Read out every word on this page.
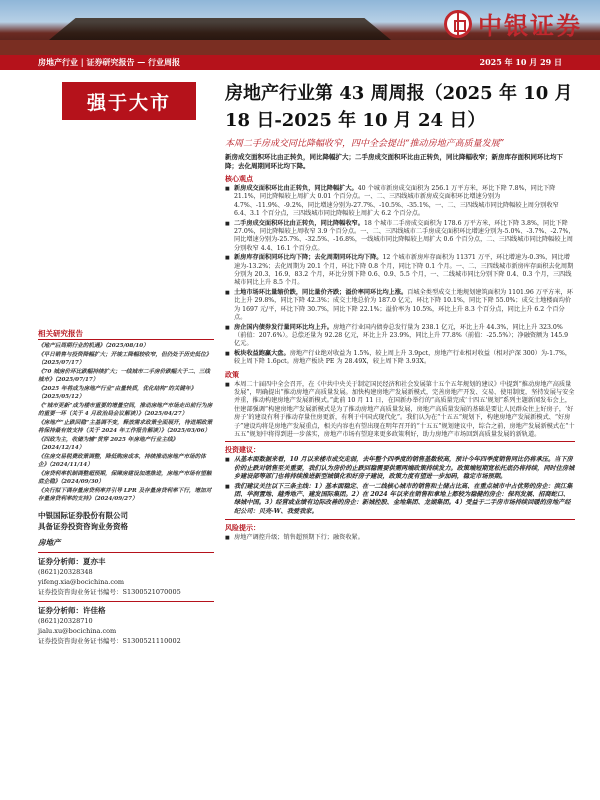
中银证券
房地产行业 | 证券研究报告 — 行业周报	2025 年 10 月 29 日
强于大市	房地产行业第 43 周周报（2025 年 10 月 18 日-2025 年 10 月 24 日）
本周二手房成交同比降幅收窄，四中全会提出“推动房地产高质量发展”
新房成交面积环比由正转负，同比降幅扩大；二手房成交面积环比由正转负，同比降幅收窄；新房库存面积同环比均下降；去化周期同环比均下降。
核心观点
■ 新房成交面积环比由正转负，同比降幅扩大。40 个城市新房成交面积为 256.1 万平方米，环比下降 7.8%，同比下降 21.1%，同比降幅较上周扩大 0.01 个百分点。一、二、三四线城市新房成交面积环比增速分别为 4.7%、-11.9%、-9.2%，同比增速分别为-27.7%、-10.5%、-35.1%，一、二、三四线城市同比降幅较上周分别收窄 6.4、3.1 个百分点，三四线城市同比降幅较上周扩大 6.2 个百分点。
■ 二手房成交面积环比由正转负，同比降幅收窄。18 个城市二手房成交面积为 178.6 万平方米，环比下降 3.8%，同比下降 27.0%，同比降幅较上周收窄 3.9 个百分点。一、二、三四线城市二手房成交面积环比增速分别为-5.0%、-3.7%、-2.7%，同比增速分别为-25.7%、-32.5%、-16.8%，一线城市同比降幅较上周扩大 0.6 个百分点，二、三四线城市同比降幅较上周分别收窄 4.4、16.1 个百分点。
■ 新房库存面积同环比均下降；去化周期同环比均下降。12 个城市新房库存面积为 11371 万平，环比增速为-0.3%，同比增速为-13.2%；去化周期为 20.1 个月，环比下降 0.8 个月，同比下降 0.1 个月。一、二、三四线城市新房库存面积去化周期分别为 20.3、16.9、83.2 个月，环比分别下降 0.6、0.9、5.5 个月，一、二线城市同比分别下降 0.4、0.3 个月，三四线城市同比上升 8.5 个月。
■ 土地市场环比量缩价跌，同比量价齐跌；溢价率同环比均上涨。百城全类型成交土地规划建筑面积为 1101.96 万平方米，环比上升 29.8%，同比下降 42.3%；成交土地总价为 187.0 亿元，环比下降 10.1%，同比下降 55.0%；成交土地楼面均价为 1697 元/平，环比下降 30.7%，同比下降 22.1%；溢价率为 10.5%，环比上升 8.3 个百分点，同比上升 6.2 个百分点。
■ 房企国内债券发行量同环比均上升。房地产行业国内债券总发行量为 238.1 亿元，环比上升 44.3%，同比上升 323.0%（前值：207.6%）。总偿还量为 92.28 亿元，环比上升 23.9%，同比上升 77.8%（前值：-25.5%）；净融资额为 145.9 亿元。
■ 板块收益跑赢大盘。房地产行业绝对收益为 1.5%，较上周上升 3.9pct，房地产行业相对收益（相对沪深 300）为-1.7%，较上周下降 1.6pct。房地产板块 PE 为 28.49X，较上周下降 3.93X。
政策
■ 本周二十届四中全会召开，在《中共中央关于制定国民经济和社会发展第十五个五年规划的建议》中提到“推动房地产高质量发展”，明确提出“推动房地产高质量发展。加快构建房地产发展新模式，完善房地产开发、交易、使用制度，坚持发展与安全并重，推动构建房地产发展新模式。”此前 10 月 11 日，在国新办举行的“高质量完成‘十四五’规划”系列主题新闻发布会上，住建部强调“构建房地产发展新模式是为了推动房地产高质量发展，房地产高质量发展的基础是要让人民群众住上好房子，‘好房子’的建设有利于推动存量住房更新，有利于中国式现代化”。我们认为在“十五五”规划下，构建房地产发展新模式、“好房子”建设均将是房地产发展重点，相关内容也有望出现在明年召开的“十五五”规划建议中，综合之前，房地产发展新模式在“十五五”规划中将得到进一步落实，房地产市场有望迎来更多政策利好，助力房地产市场回到高质量发展的新轨道。
投资建议：
■ 从基本面数据来看，10 月以来楼市成交走弱，去年整个四季度的销售基数较高，预计今年四季度销售同比仍将承压。当下房价的止跌对销售至关重要，我们认为房价的止跌回稳需要供需两端政策持续发力。政策端短期宽松托底仍将持续，同时住房城乡建设部等部门也将持续推进新型城镇化和好房子建设，政策力度有望进一步加码，稳定市场预期。
■ 我们建议关注以下三条主线：1）基本面稳定、在一二线核心城市的销售和土储占比高、在重点城市中占优势的房企：滨江集团、华润置地、越秀地产、建发国际集团。2）在 2024 年以来在销售和拿地上都较为稳健的房企：保利发展、招商蛇口、绿城中国。3）经营或业绩有边际改善的房企：新城控股、金地集团、龙湖集团。4）受益于二手房市场持续回暖的房地产经纪公司：贝壳-W、我爱我家。
风险提示：
■ 房地产调控升级；销售超预期下行；融资收紧。
相关研究报告
《地产后周期行业的机遇》（2025/08/10）
《早日销售与投资降幅扩大；开竣工降幅较收窄，但仍处于历史低位》（2025/07/17）
《70 城房价环比跌幅持续扩大；一线城市二手房价跌幅大于二、三线城市》（2025/07/17）
《2025 年将成为房地产行业“由量转质，优化结构”的关键年》（2025/05/12）
《“城市更新”成为楼市重要的增量空间，推动房地产市场走出前行为房的重要一环（关于 4 月政治局会议解读）》（2025/04/27）
《房地产“止跌回稳”主基调不变，释放需求政策全面展开，待进期政策将保持最有效支持（关于 2024 年工作报告解读）》（2025/03/06）
《四政为主，收储为辅“贯穿 2025 年房地产行业主线》（2024/12/14）
《住房交易税费政策调整，降低购房成本，持续推动房地产市场的体企》（2024/11/14）
《房贷利率机制调整超预期，保障房建设加速推进，房地产市场有望触底企稳》（2024/09/30）
《央行拟下调存量房贷利率并引导 LPR 及存量房贷利率下行，增加对存量房贷利率的支持》（2024/09/27）
中银国际证券股份有限公司
具备证券投资咨询业务资格
房地产
证券分析师：夏亦丰
(8621)20328348
yifeng.xia@bocichina.com
证券投资咨询业务证书编号：S1300521070005
证券分析师：许佳格
(8621)20328710
jialu.xu@bocichina.com
证券投资咨询业务证书编号：S1300521110002
